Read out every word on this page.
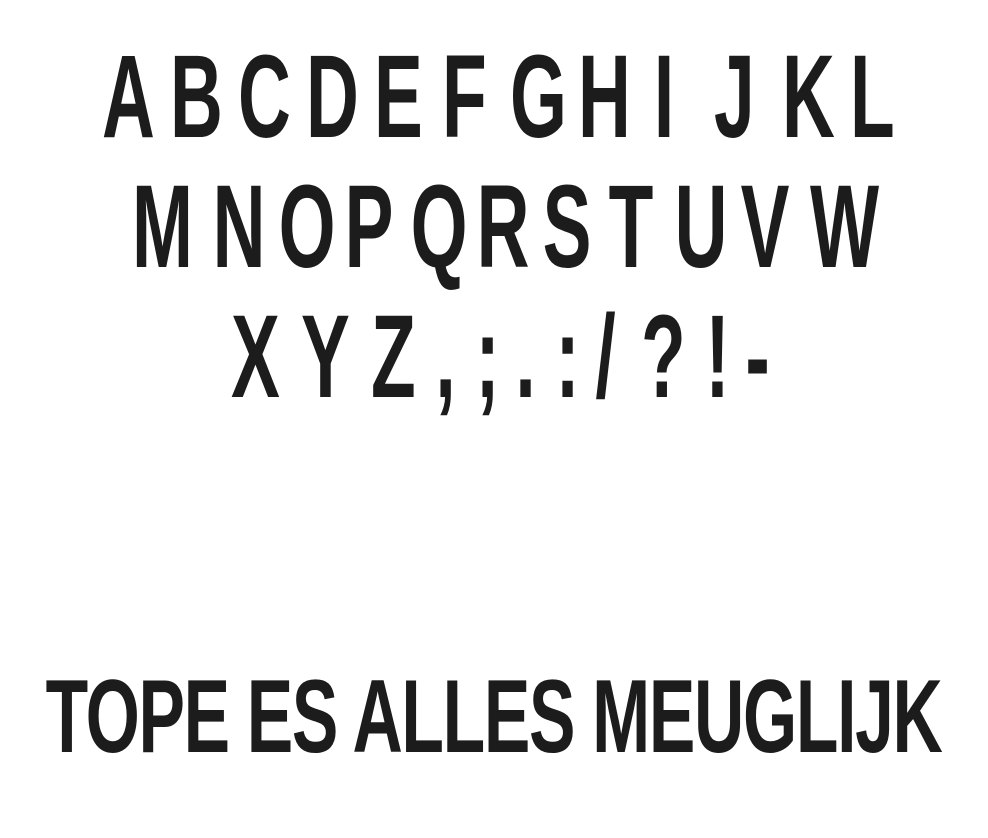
A B C D E F G H I J K L
M N O P Q R S T U V W
X Y Z , ; . : / ? ! -
TOPE ES ALLES MEUGLIJK
